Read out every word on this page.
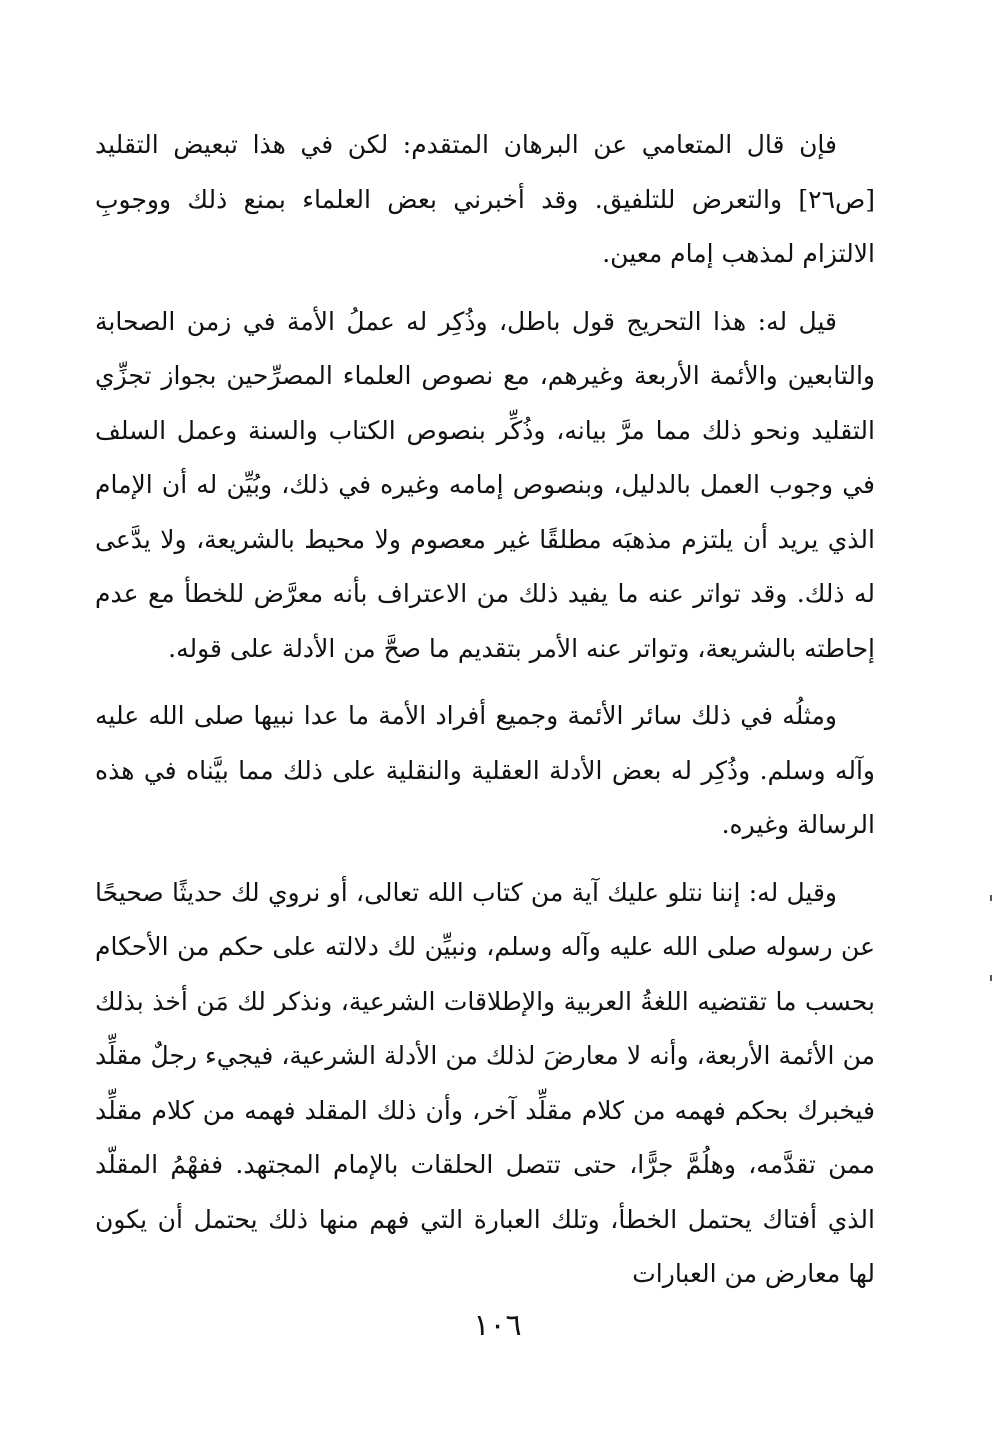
فإن قال المتعامي عن البرهان المتقدم: لكن في هذا تبعيض التقليد [ص٢٦] والتعرض للتلفيق. وقد أخبرني بعض العلماء بمنع ذلك ووجوبِ الالتزام لمذهب إمام معين.

قيل له: هذا التحريج قول باطل، وذُكِر له عملُ الأمة في زمن الصحابة والتابعين والأئمة الأربعة وغيرهم، مع نصوص العلماء المصرِّحين بجواز تجزِّي التقليد ونحو ذلك مما مرَّ بيانه، وذُكِّر بنصوص الكتاب والسنة وعمل السلف في وجوب العمل بالدليل، وبنصوص إمامه وغيره في ذلك، وبُيِّن له أن الإمام الذي يريد أن يلتزم مذهبَه مطلقًا غير معصوم ولا محيط بالشريعة، ولا يدَّعى له ذلك. وقد تواتر عنه ما يفيد ذلك من الاعتراف بأنه معرَّض للخطأ مع عدم إحاطته بالشريعة، وتواتر عنه الأمر بتقديم ما صحَّ من الأدلة على قوله.

ومثلُه في ذلك سائر الأئمة وجميع أفراد الأمة ما عدا نبيها صلى الله عليه وآله وسلم. وذُكِر له بعض الأدلة العقلية والنقلية على ذلك مما بيَّناه في هذه الرسالة وغيره.

وقيل له: إننا نتلو عليك آية من كتاب الله تعالى، أو نروي لك حديثًا صحيحًا عن رسوله صلى الله عليه وآله وسلم، ونبيِّن لك دلالته على حكم من الأحكام بحسب ما تقتضيه اللغةُ العربية والإطلاقات الشرعية، ونذكر لك مَن أخذ بذلك من الأئمة الأربعة، وأنه لا معارضَ لذلك من الأدلة الشرعية، فيجيء رجلٌ مقلِّد فيخبرك بحكم فهمه من كلام مقلِّد آخر، وأن ذلك المقلد فهمه من كلام مقلِّد ممن تقدَّمه، وهلُمَّ جرًّا، حتى تتصل الحلقات بالإمام المجتهد. ففهْمُ المقلّد الذي أفتاك يحتمل الخطأ، وتلك العبارة التي فهم منها ذلك يحتمل أن يكون لها معارض من العبارات

١٠٦
